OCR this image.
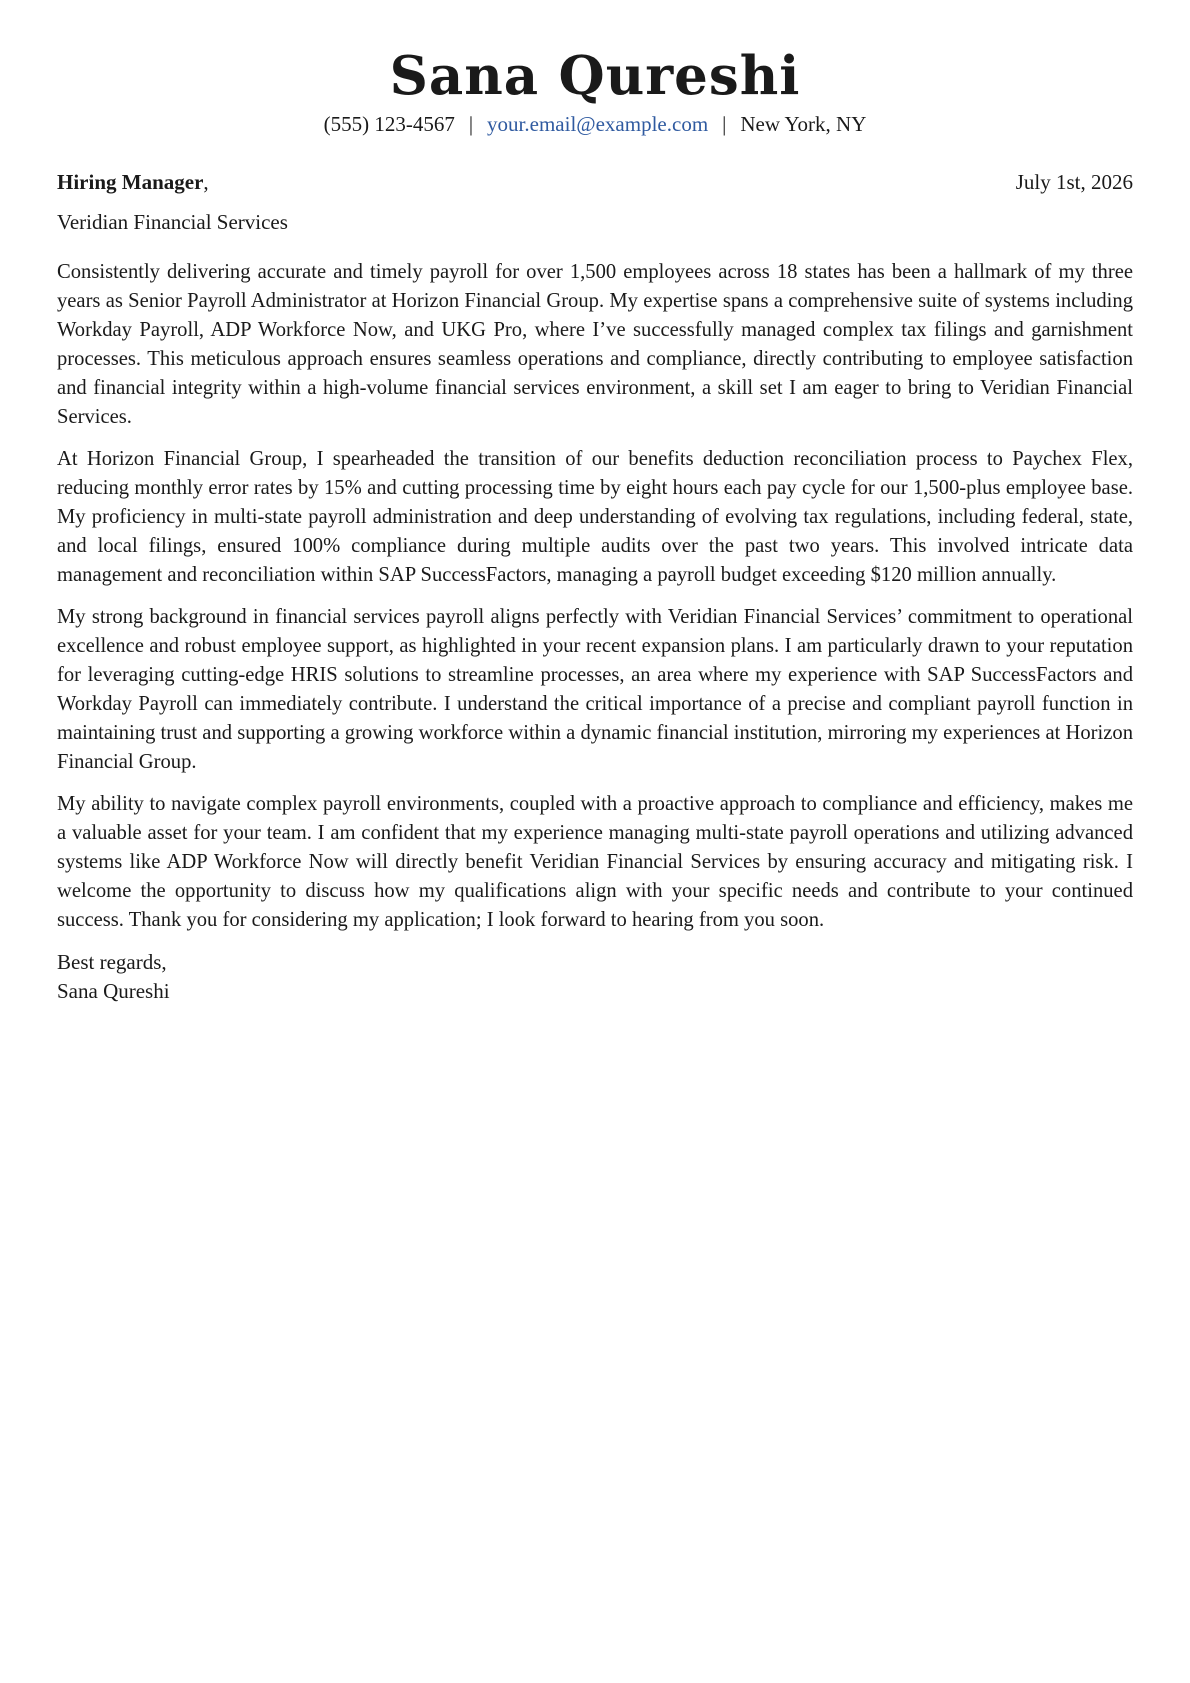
Sana Qureshi
(555) 123-4567 | your.email@example.com | New York, NY
Hiring Manager,	July 1st, 2026
Veridian Financial Services

Consistently delivering accurate and timely payroll for over 1,500 employees across 18 states has been a hallmark of my three years as Senior Payroll Administrator at Horizon Financial Group. My expertise spans a comprehensive suite of systems including Workday Payroll, ADP Workforce Now, and UKG Pro, where I’ve successfully managed complex tax filings and garnishment processes. This meticulous approach ensures seamless operations and compliance, directly contributing to employee satisfaction and financial integrity within a high-volume financial services environment, a skill set I am eager to bring to Veridian Financial Services.

At Horizon Financial Group, I spearheaded the transition of our benefits deduction reconciliation process to Paychex Flex, reducing monthly error rates by 15% and cutting processing time by eight hours each pay cycle for our 1,500-plus employee base. My proficiency in multi-state payroll administration and deep understanding of evolving tax regulations, including federal, state, and local filings, ensured 100% compliance during multiple audits over the past two years. This involved intricate data management and reconciliation within SAP SuccessFactors, managing a payroll budget exceeding $120 million annually.

My strong background in financial services payroll aligns perfectly with Veridian Financial Services’ commitment to operational excellence and robust employee support, as highlighted in your recent expansion plans. I am particularly drawn to your reputation for leveraging cutting-edge HRIS solutions to streamline processes, an area where my experience with SAP SuccessFactors and Workday Payroll can immediately contribute. I understand the critical importance of a precise and compliant payroll function in maintaining trust and supporting a growing workforce within a dynamic financial institution, mirroring my experiences at Horizon Financial Group.

My ability to navigate complex payroll environments, coupled with a proactive approach to compliance and efficiency, makes me a valuable asset for your team. I am confident that my experience managing multi-state payroll operations and utilizing advanced systems like ADP Workforce Now will directly benefit Veridian Financial Services by ensuring accuracy and mitigating risk. I welcome the opportunity to discuss how my qualifications align with your specific needs and contribute to your continued success. Thank you for considering my application; I look forward to hearing from you soon.

Best regards,
Sana Qureshi
